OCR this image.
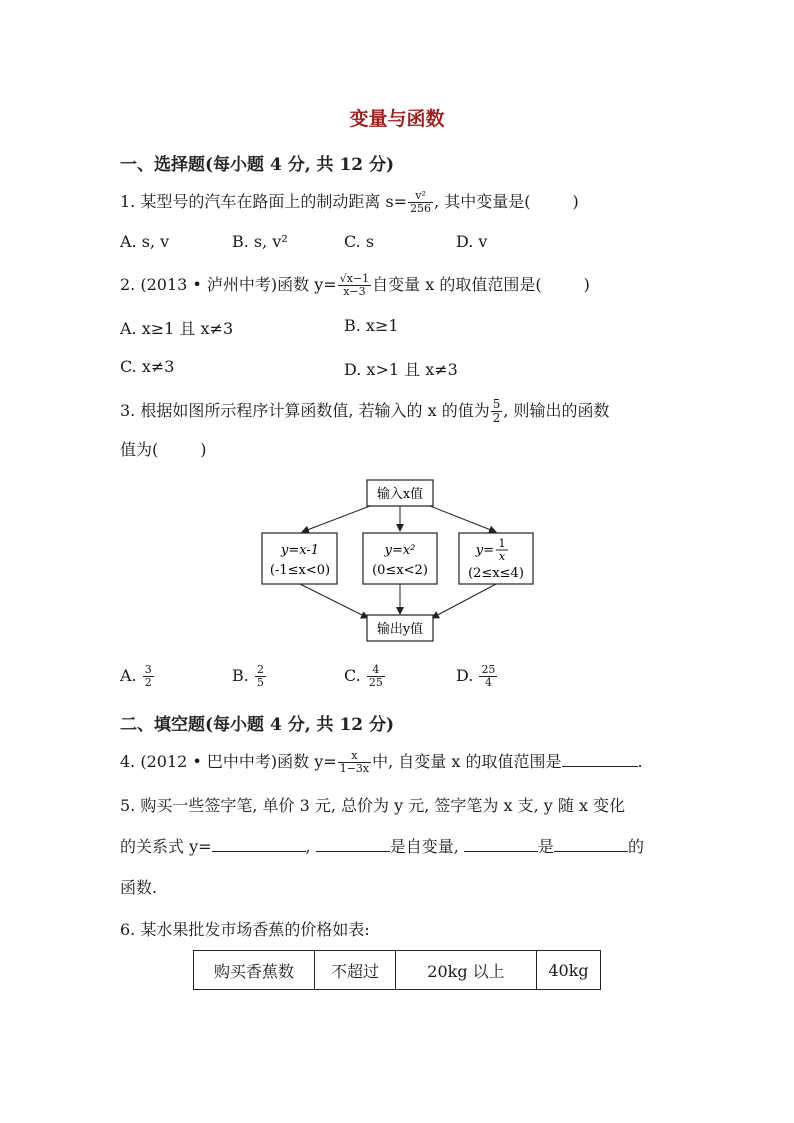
变量与函数
一、选择题(每小题 4 分, 共 12 分)
1. 某型号的汽车在路面上的制动距离 $s= \frac{\text{v²}}{256}$ , 其中变量是(	)
A. s, v	B. s, v²	C. s	D. v
2. (2013 • 泸州中考)函数 $y= \frac{√x-1}{x-3}$ 自变量 x 的取值范围是(	)
A. x≥1 且 x≠3	B. x≥1
C. x≠3	D. x>1 且 x≠3
3. 根据如图所示程序计算函数值, 若输入的 x 的值为 $\frac{5}{2}$ , 则输出的函数
值为(	)
输入x值
y=x-1
(-1≤x<0)
y=x²
(0≤x<2)
y= 1
x
(2≤x≤4)
输出y值
A. $\frac{3}{2}$	B. $\frac{2}{5}$	C. $\frac{4}{25}$	D. $\frac{25}{4}$
二、填空题(每小题 4 分, 共 12 分)
4. (2012 • 巴中中考)函数 $y= \frac{x}{1-3x}$ 中, 自变量 x 的取值范围是	.
5. 购买一些签字笔, 单价 3 元, 总价为 y 元, 签字笔为 x 支, y 随 x 变化
的关系式 y=	,	是自变量,	是	的
函数.
6. 某水果批发市场香蕉的价格如表:
购买香蕉数	不超过	20kg 以上	40kg
